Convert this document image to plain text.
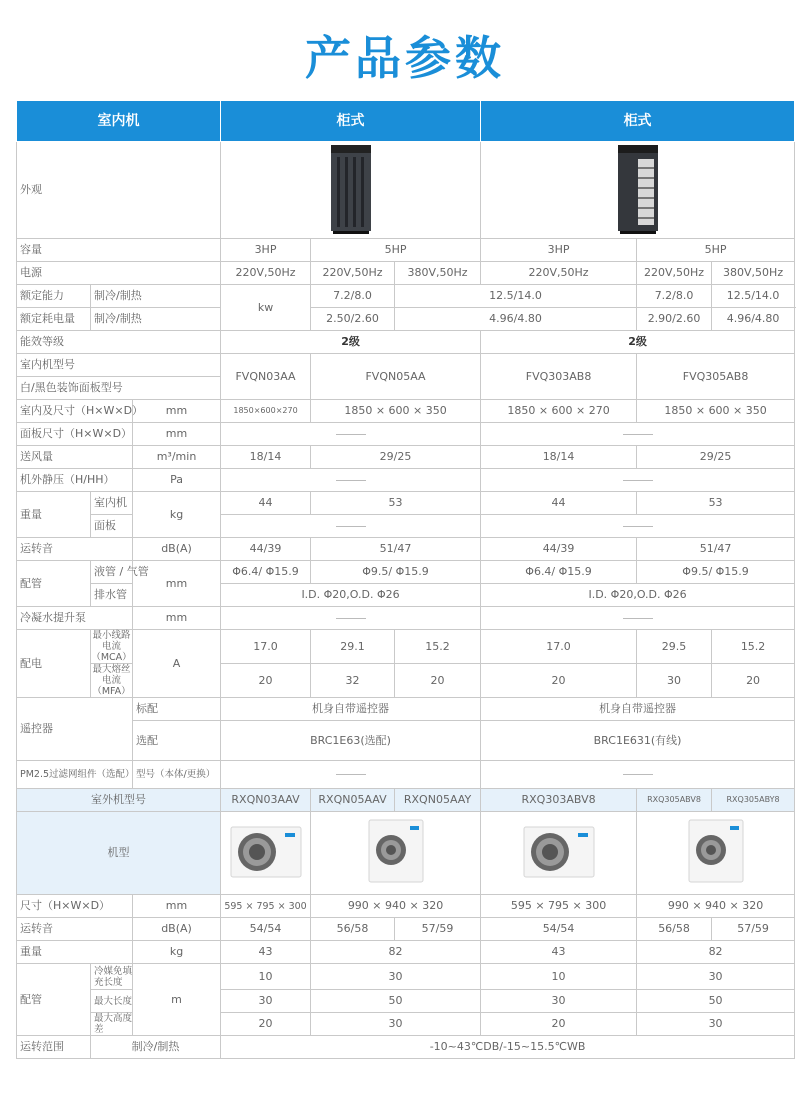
产品参数
室内机			柜式			柜式		
外观		
容量			3HP	5HP		3HP	5HP	
电源			220V,50Hz	220V,50Hz	380V,50Hz	220V,50Hz	220V,50Hz	380V,50Hz
额定能力	制冷/制热		kw	7.2/8.0	12.5/14.0		7.2/8.0	12.5/14.0
额定耗电量	制冷/制热			2.50/2.60	4.96/4.80		2.90/2.60	4.96/4.80
能效等级			2级			2级		
室内机型号			FVQN03AA	FVQN05AA		FVQ303AB8	FVQ305AB8	
白/黑色装饰面板型号								
室内及尺寸（H×W×D）		mm	1850×600×270	1850 × 600 × 350		1850 × 600 × 270	1850 × 600 × 350	
面板尺寸（H×W×D）		mm						
送风量		m³/min	18/14	29/25		18/14	29/25	
机外静压（H/HH）		Pa						
重量	室内机	kg	44	53		44	53	
	面板							
运转音		dB(A)	44/39	51/47		44/39	51/47	
配管	液管 / 气管	mm	Φ6.4/ Φ15.9	Φ9.5/ Φ15.9		Φ6.4/ Φ15.9	Φ9.5/ Φ15.9	
	排水管		I.D. Φ20,O.D. Φ26			I.D. Φ20,O.D. Φ26		
冷凝水提升泵		mm						
配电	最小线路电流（MCA）	A	17.0	29.1	15.2	17.0	29.5	15.2
	最大熔丝电流（MFA）		20	32	20	20	30	20
遥控器		标配	机身自带遥控器			机身自带遥控器		
		选配	BRC1E63(选配)			BRC1E631(有线)		
PM2.5过滤网组件（选配）		型号（本体/更换）						
室外机型号			RXQN03AAV	RXQN05AAV	RXQN05AAY	RXQ303ABV8	RXQ305ABV8	RXQ305ABY8
机型				
尺寸（H×W×D）		mm	595 × 795 × 300	990 × 940 × 320		595 × 795 × 300	990 × 940 × 320	
运转音		dB(A)	54/54	56/58	57/59	54/54	56/58	57/59
重量		kg	43	82		43	82	
配管	冷媒免填充长度	m	10	30		10	30	
	最大长度		30	50		30	50	
	最大高度差		20	30		20	30	
运转范围	制冷/制热		-10~43℃DB/-15~15.5℃WB					
